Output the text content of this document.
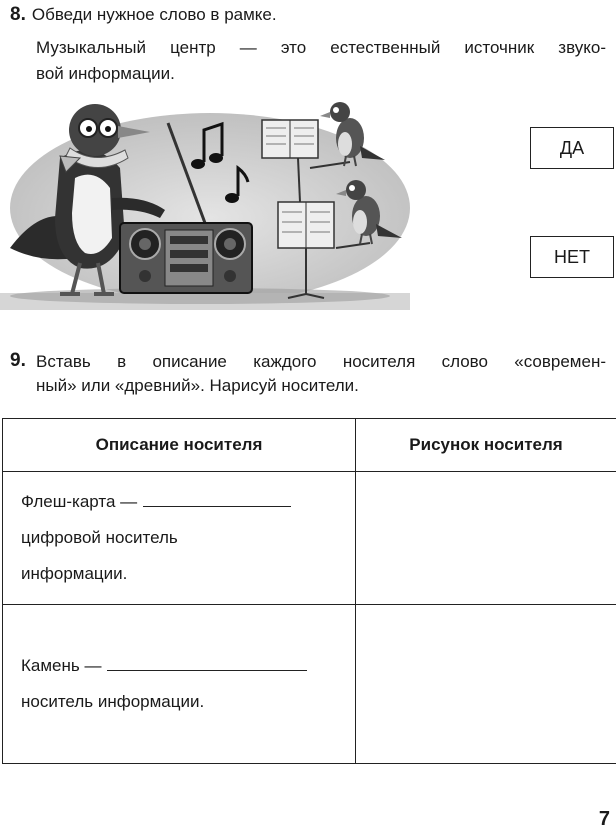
8. Обведи нужное слово в рамке.
Музыкальный центр — это естественный источник звуко-
вой информации.
ДА
НЕТ
9. Вставь в описание каждого носителя слово «современ-
ный» или «древний». Нарисуй носители.
Описание носителя	Рисунок носителя

Флеш-карта —
цифровой носитель
информации.	

Камень —
носитель информации.	

7
